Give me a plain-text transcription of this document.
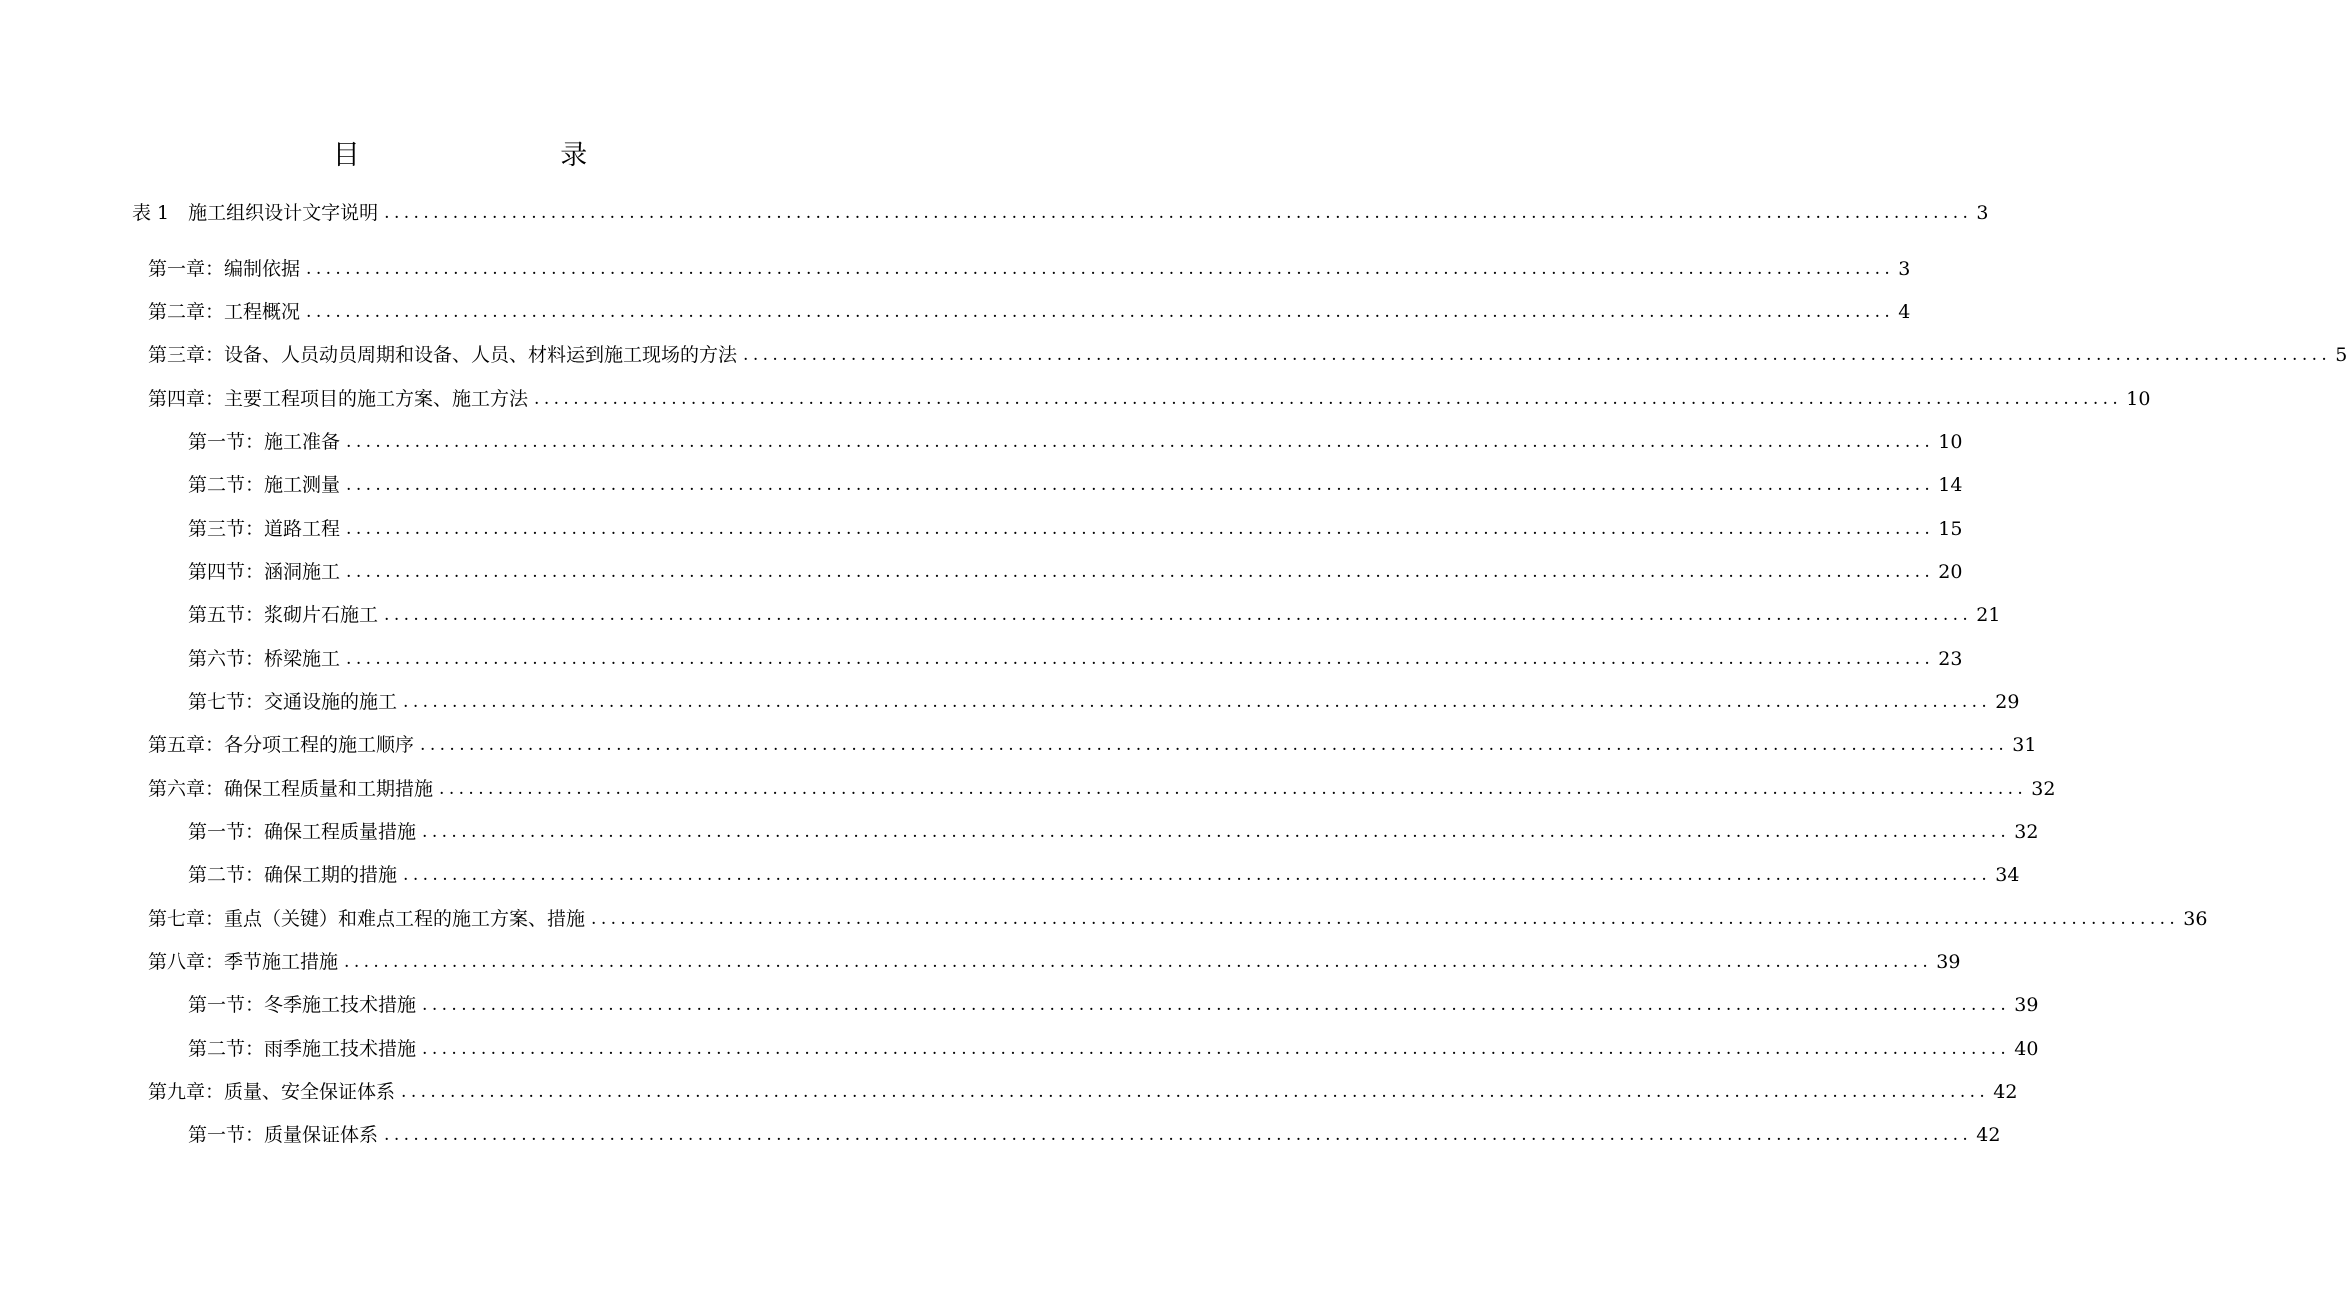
目 录
表 1　施工组织设计文字说明 .................................................................................................................................................................. 3
第一章：编制依据 .................................................................................................................................................................. 3
第二章：工程概况 .................................................................................................................................................................. 4
第三章：设备、人员动员周期和设备、人员、材料运到施工现场的方法 .................................................................................................................................................................. 5
第四章：主要工程项目的施工方案、施工方法 .................................................................................................................................................................. 10
第一节：施工准备 .................................................................................................................................................................. 10
第二节：施工测量 .................................................................................................................................................................. 14
第三节：道路工程 .................................................................................................................................................................. 15
第四节：涵洞施工 .................................................................................................................................................................. 20
第五节：浆砌片石施工 .................................................................................................................................................................. 21
第六节：桥梁施工 .................................................................................................................................................................. 23
第七节：交通设施的施工 .................................................................................................................................................................. 29
第五章：各分项工程的施工顺序 .................................................................................................................................................................. 31
第六章：确保工程质量和工期措施 .................................................................................................................................................................. 32
第一节：确保工程质量措施 .................................................................................................................................................................. 32
第二节：确保工期的措施 .................................................................................................................................................................. 34
第七章：重点（关键）和难点工程的施工方案、措施 .................................................................................................................................................................. 36
第八章：季节施工措施 .................................................................................................................................................................. 39
第一节：冬季施工技术措施 .................................................................................................................................................................. 39
第二节：雨季施工技术措施 .................................................................................................................................................................. 40
第九章：质量、安全保证体系 .................................................................................................................................................................. 42
第一节：质量保证体系 .................................................................................................................................................................. 42
